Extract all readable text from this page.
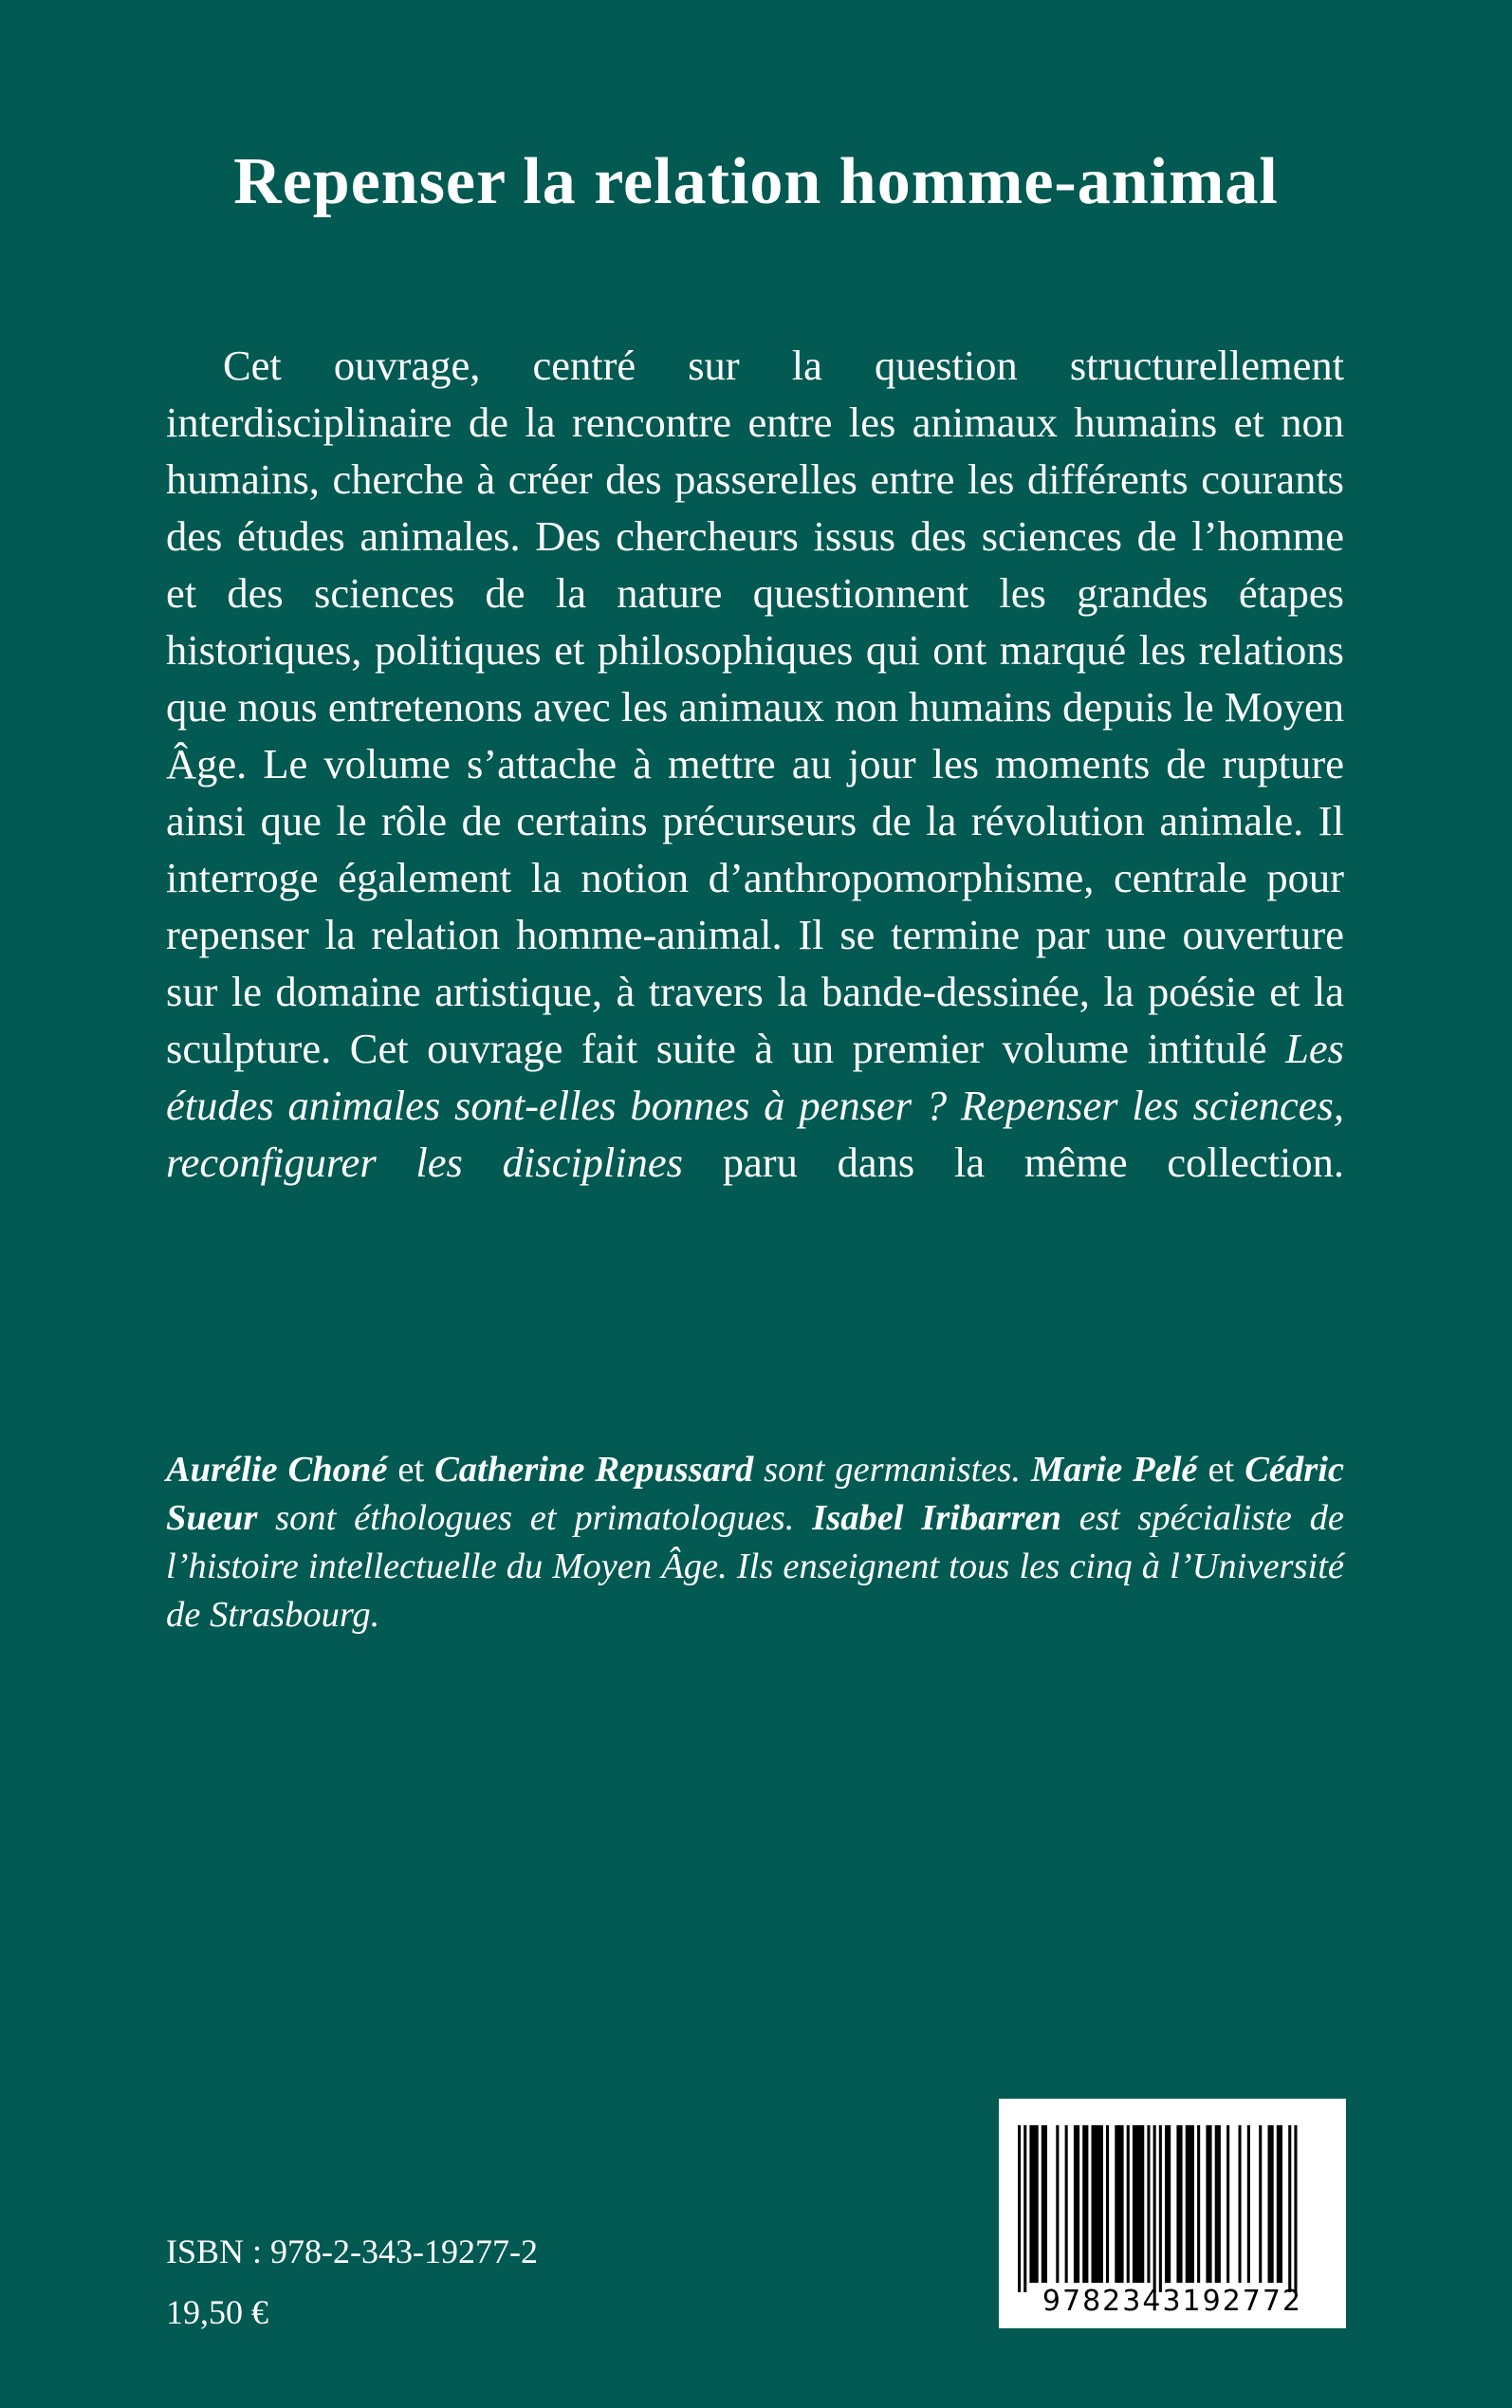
Repenser la relation homme-animal

Cet ouvrage, centré sur la question structurellement interdisciplinaire de la rencontre entre les animaux humains et non humains, cherche à créer des passerelles entre les différents courants des études animales. Des chercheurs issus des sciences de l’homme et des sciences de la nature questionnent les grandes étapes historiques, politiques et philosophiques qui ont marqué les relations que nous entretenons avec les animaux non humains depuis le Moyen Âge. Le volume s’attache à mettre au jour les moments de rupture ainsi que le rôle de certains précurseurs de la révolution animale. Il interroge également la notion d’anthropomorphisme, centrale pour repenser la relation homme-animal. Il se termine par une ouverture sur le domaine artistique, à travers la bande-dessinée, la poésie et la sculpture. Cet ouvrage fait suite à un premier volume intitulé Les études animales sont-elles bonnes à penser ? Repenser les sciences, reconfigurer les disciplines paru dans la même collection.

Aurélie Choné et Catherine Repussard sont germanistes. Marie Pelé et Cédric Sueur sont éthologues et primatologues. Isabel Iribarren est spécialiste de l’histoire intellectuelle du Moyen Âge. Ils enseignent tous les cinq à l’Université de Strasbourg.

ISBN : 978-2-343-19277-2
19,50 €	9782343192772
